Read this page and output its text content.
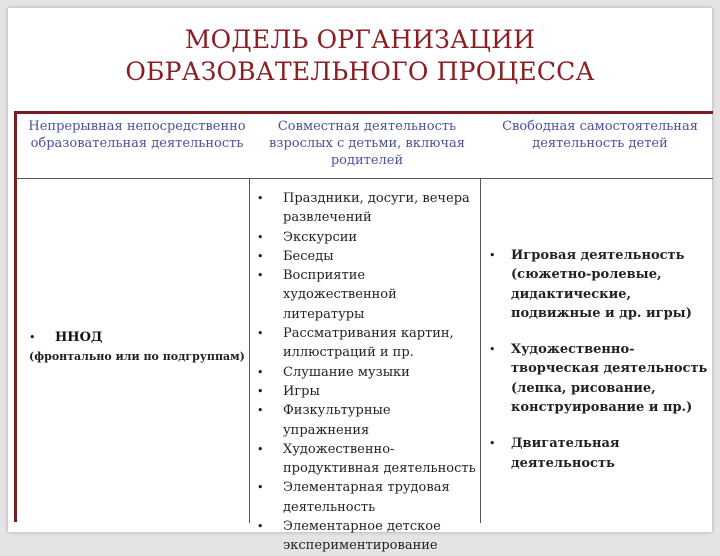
МОДЕЛЬ ОРГАНИЗАЦИИ
ОБРАЗОВАТЕЛЬНОГО ПРОЦЕССА
Непрерывная непосредственно образовательная деятельность
Совместная деятельность взрослых с детьми, включая родителей
Свободная самостоятельная деятельность детей
• ННОД
(фронтально или по подгруппам)
• Праздники, досуги, вечера развлечений
• Экскурсии
• Беседы
• Восприятие художественной литературы
• Рассматривания картин, иллюстраций и пр.
• Слушание музыки
• Игры
• Физкультурные упражнения
• Художественно-продуктивная деятельность
• Элементарная трудовая деятельность
• Элементарное детское экспериментирование
• Игровая деятельность (сюжетно-ролевые, дидактические, подвижные и др. игры)
• Художественно-творческая деятельность (лепка, рисование, конструирование и пр.)
• Двигательная деятельность
